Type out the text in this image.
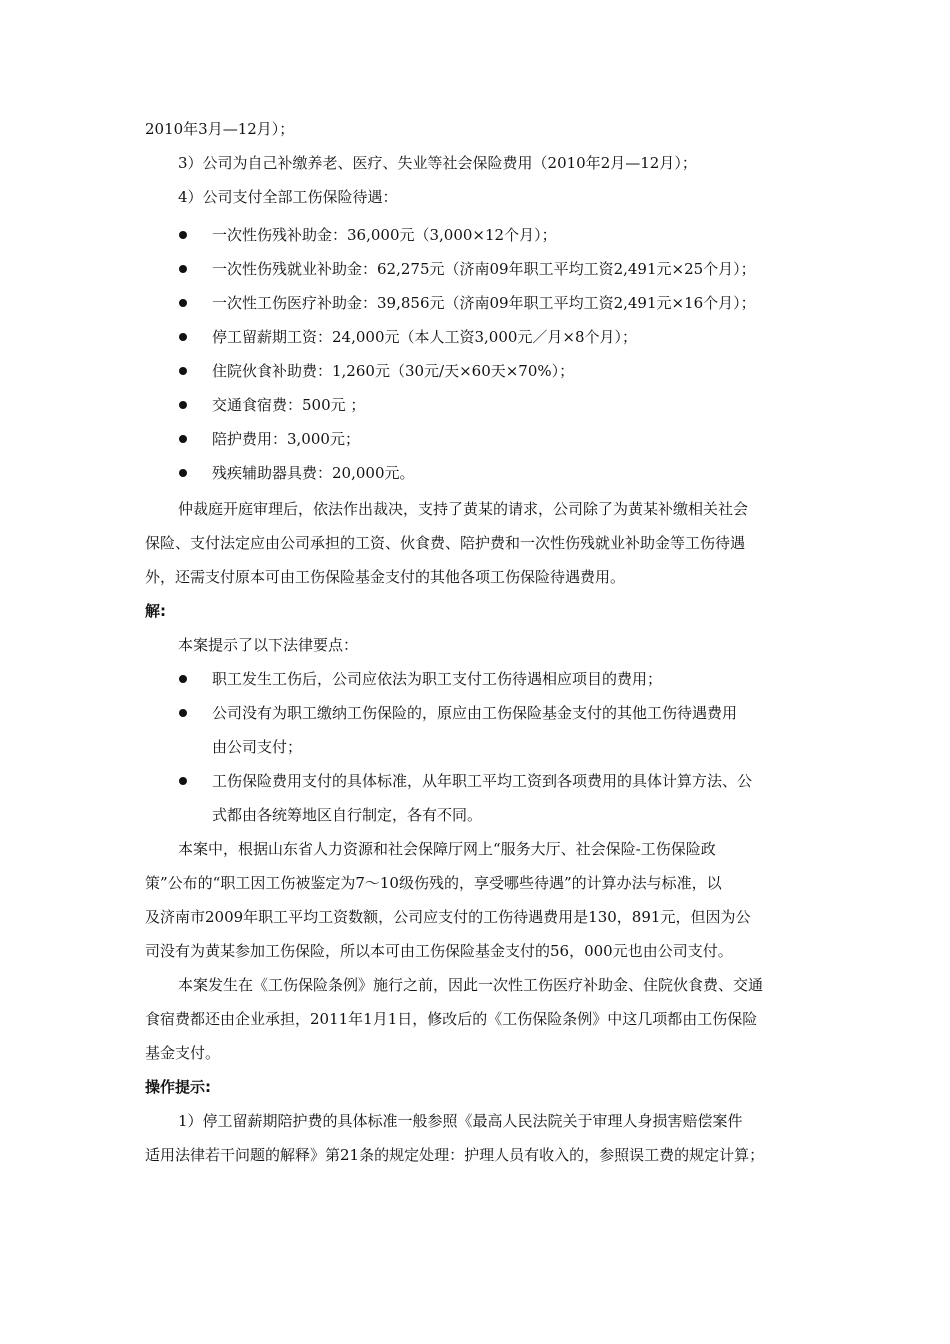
2010年3月—12月）；
3）公司为自己补缴养老、医疗、失业等社会保险费用（2010年2月—12月）；
4）公司支付全部工伤保险待遇：
一次性伤残补助金：36,000元（3,000×12个月）；
一次性伤残就业补助金：62,275元（济南09年职工平均工资2,491元×25个月）；
一次性工伤医疗补助金：39,856元（济南09年职工平均工资2,491元×16个月）；
停工留薪期工资：24,000元（本人工资3,000元／月×8个月）；
住院伙食补助费：1,260元（30元/天×60天×70%）；
交通食宿费：500元 ；
陪护费用：3,000元；
残疾辅助器具费：20,000元。
仲裁庭开庭审理后，依法作出裁决，支持了黄某的请求，公司除了为黄某补缴相关社会
保险、支付法定应由公司承担的工资、伙食费、陪护费和一次性伤残就业补助金等工伤待遇
外，还需支付原本可由工伤保险基金支付的其他各项工伤保险待遇费用。
解:
本案提示了以下法律要点：
职工发生工伤后，公司应依法为职工支付工伤待遇相应项目的费用；
公司没有为职工缴纳工伤保险的，原应由工伤保险基金支付的其他工伤待遇费用
由公司支付；
工伤保险费用支付的具体标准，从年职工平均工资到各项费用的具体计算方法、公
式都由各统筹地区自行制定，各有不同。
本案中，根据山东省人力资源和社会保障厅网上“服务大厅、社会保险-工伤保险政
策”公布的“职工因工伤被鉴定为7～10级伤残的，享受哪些待遇”的计算办法与标准，以
及济南市2009年职工平均工资数额，公司应支付的工伤待遇费用是130，891元，但因为公
司没有为黄某参加工伤保险，所以本可由工伤保险基金支付的56，000元也由公司支付。
本案发生在《工伤保险条例》施行之前，因此一次性工伤医疗补助金、住院伙食费、交通
食宿费都还由企业承担，2011年1月1日，修改后的《工伤保险条例》中这几项都由工伤保险
基金支付。
操作提示:
1）停工留薪期陪护费的具体标准一般参照《最高人民法院关于审理人身损害赔偿案件
适用法律若干问题的解释》第21条的规定处理：护理人员有收入的，参照误工费的规定计算；
